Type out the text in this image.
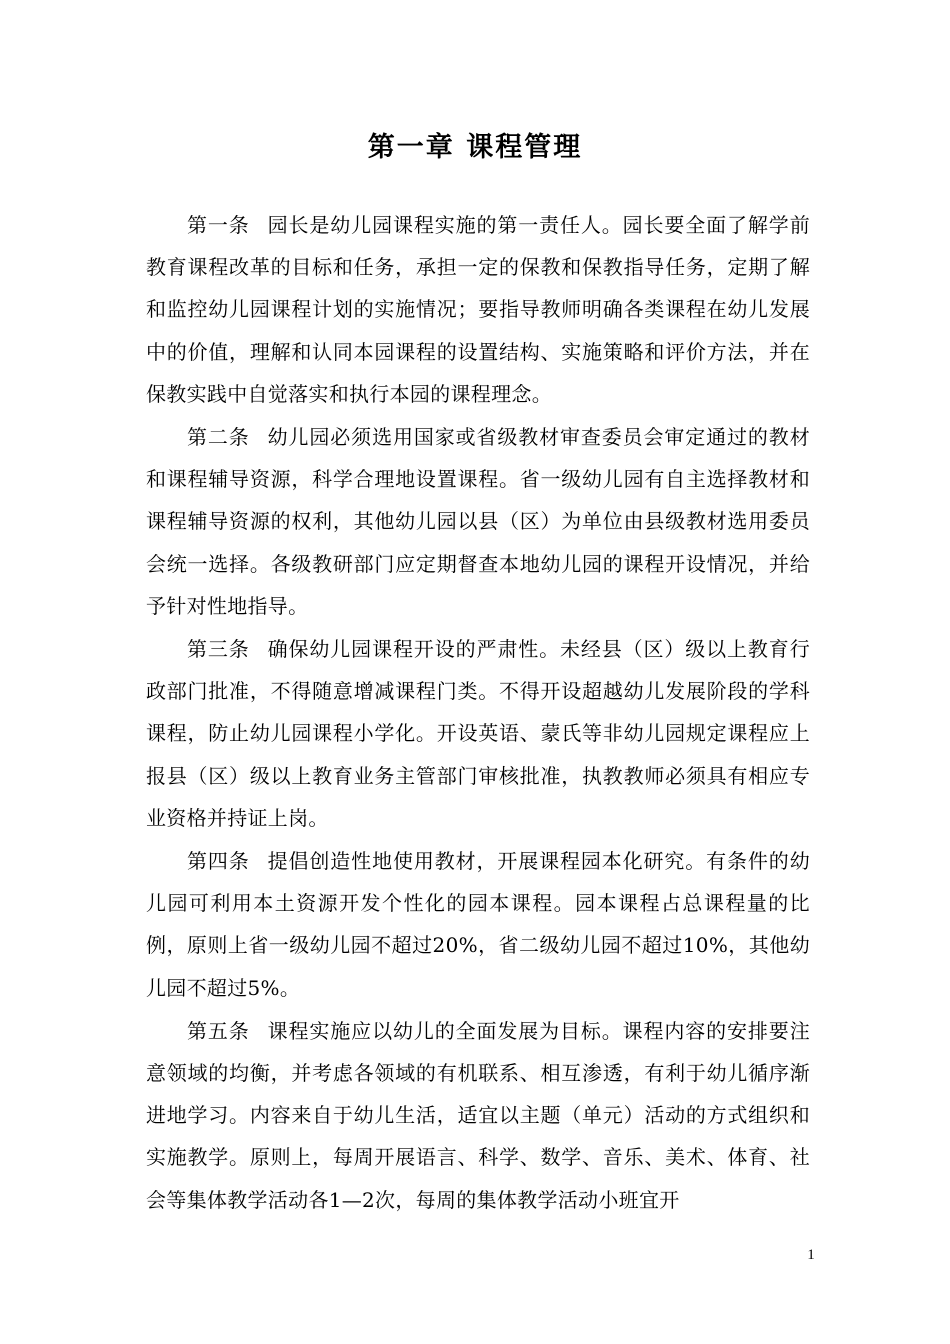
第一章 课程管理

第一条 园长是幼儿园课程实施的第一责任人。园长要全面了解学前教育课程改革的目标和任务，承担一定的保教和保教指导任务，定期了解和监控幼儿园课程计划的实施情况；要指导教师明确各类课程在幼儿发展中的价值，理解和认同本园课程的设置结构、实施策略和评价方法，并在保教实践中自觉落实和执行本园的课程理念。

第二条 幼儿园必须选用国家或省级教材审查委员会审定通过的教材和课程辅导资源，科学合理地设置课程。省一级幼儿园有自主选择教材和课程辅导资源的权利，其他幼儿园以县（区）为单位由县级教材选用委员会统一选择。各级教研部门应定期督查本地幼儿园的课程开设情况，并给予针对性地指导。

第三条 确保幼儿园课程开设的严肃性。未经县（区）级以上教育行政部门批准，不得随意增减课程门类。不得开设超越幼儿发展阶段的学科课程，防止幼儿园课程小学化。开设英语、蒙氏等非幼儿园规定课程应上报县（区）级以上教育业务主管部门审核批准，执教教师必须具有相应专业资格并持证上岗。

第四条 提倡创造性地使用教材，开展课程园本化研究。有条件的幼儿园可利用本土资源开发个性化的园本课程。园本课程占总课程量的比例，原则上省一级幼儿园不超过20%，省二级幼儿园不超过10%，其他幼儿园不超过5%。

第五条 课程实施应以幼儿的全面发展为目标。课程内容的安排要注意领域的均衡，并考虑各领域的有机联系、相互渗透，有利于幼儿循序渐进地学习。内容来自于幼儿生活，适宜以主题（单元）活动的方式组织和实施教学。原则上，每周开展语言、科学、数学、音乐、美术、体育、社会等集体教学活动各1—2次，每周的集体教学活动小班宜开

1
